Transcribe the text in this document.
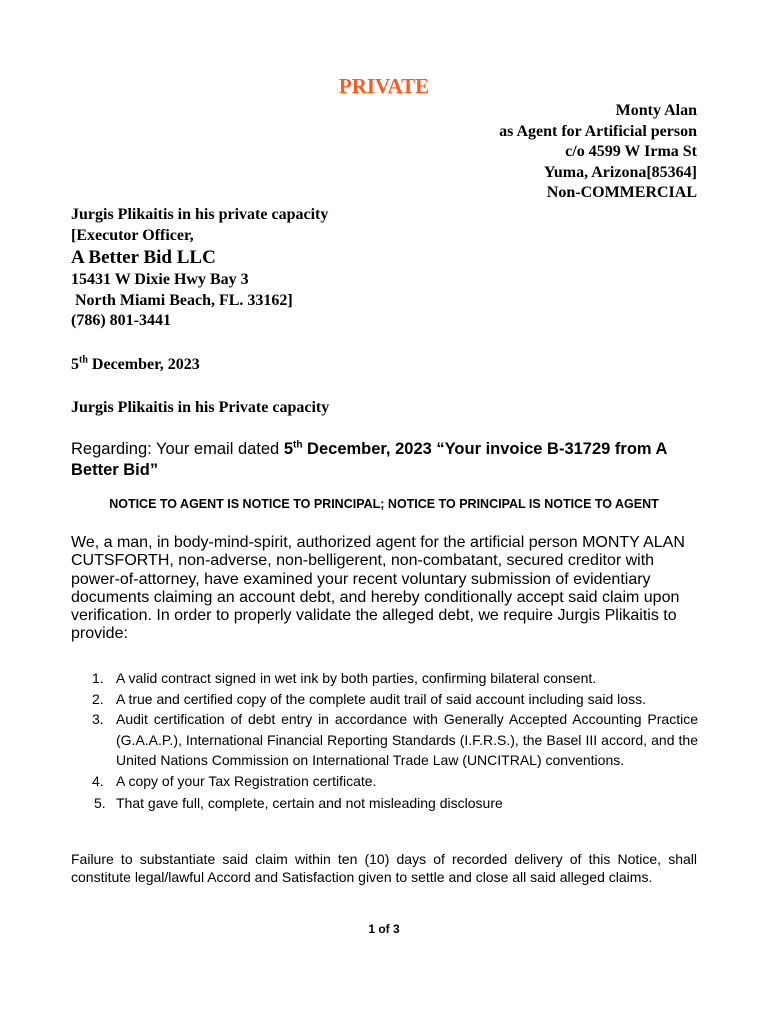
PRIVATE
Monty Alan
as Agent for Artificial person
c/o 4599 W Irma St
Yuma, Arizona[85364]
Non-COMMERCIAL
Jurgis Plikaitis in his private capacity
[Executor Officer,
A Better Bid LLC
15431 W Dixie Hwy Bay 3
North Miami Beach, FL. 33162]
(786) 801-3441
5th December, 2023
Jurgis Plikaitis in his Private capacity
Regarding: Your email dated 5th December, 2023 “Your invoice B-31729 from A Better Bid”
NOTICE TO AGENT IS NOTICE TO PRINCIPAL; NOTICE TO PRINCIPAL IS NOTICE TO AGENT
We, a man, in body-mind-spirit, authorized agent for the artificial person MONTY ALAN CUTSFORTH, non-adverse, non-belligerent, non-combatant, secured creditor with power-of-attorney, have examined your recent voluntary submission of evidentiary documents claiming an account debt, and hereby conditionally accept said claim upon verification. In order to properly validate the alleged debt, we require Jurgis Plikaitis to provide:
1. A valid contract signed in wet ink by both parties, confirming bilateral consent.
2. A true and certified copy of the complete audit trail of said account including said loss.
3. Audit certification of debt entry in accordance with Generally Accepted Accounting Practice (G.A.A.P.), International Financial Reporting Standards (I.F.R.S.), the Basel III accord, and the United Nations Commission on International Trade Law (UNCITRAL) conventions.
4. A copy of your Tax Registration certificate.
5. That gave full, complete, certain and not misleading disclosure
Failure to substantiate said claim within ten (10) days of recorded delivery of this Notice, shall constitute legal/lawful Accord and Satisfaction given to settle and close all said alleged claims.
1 of 3
